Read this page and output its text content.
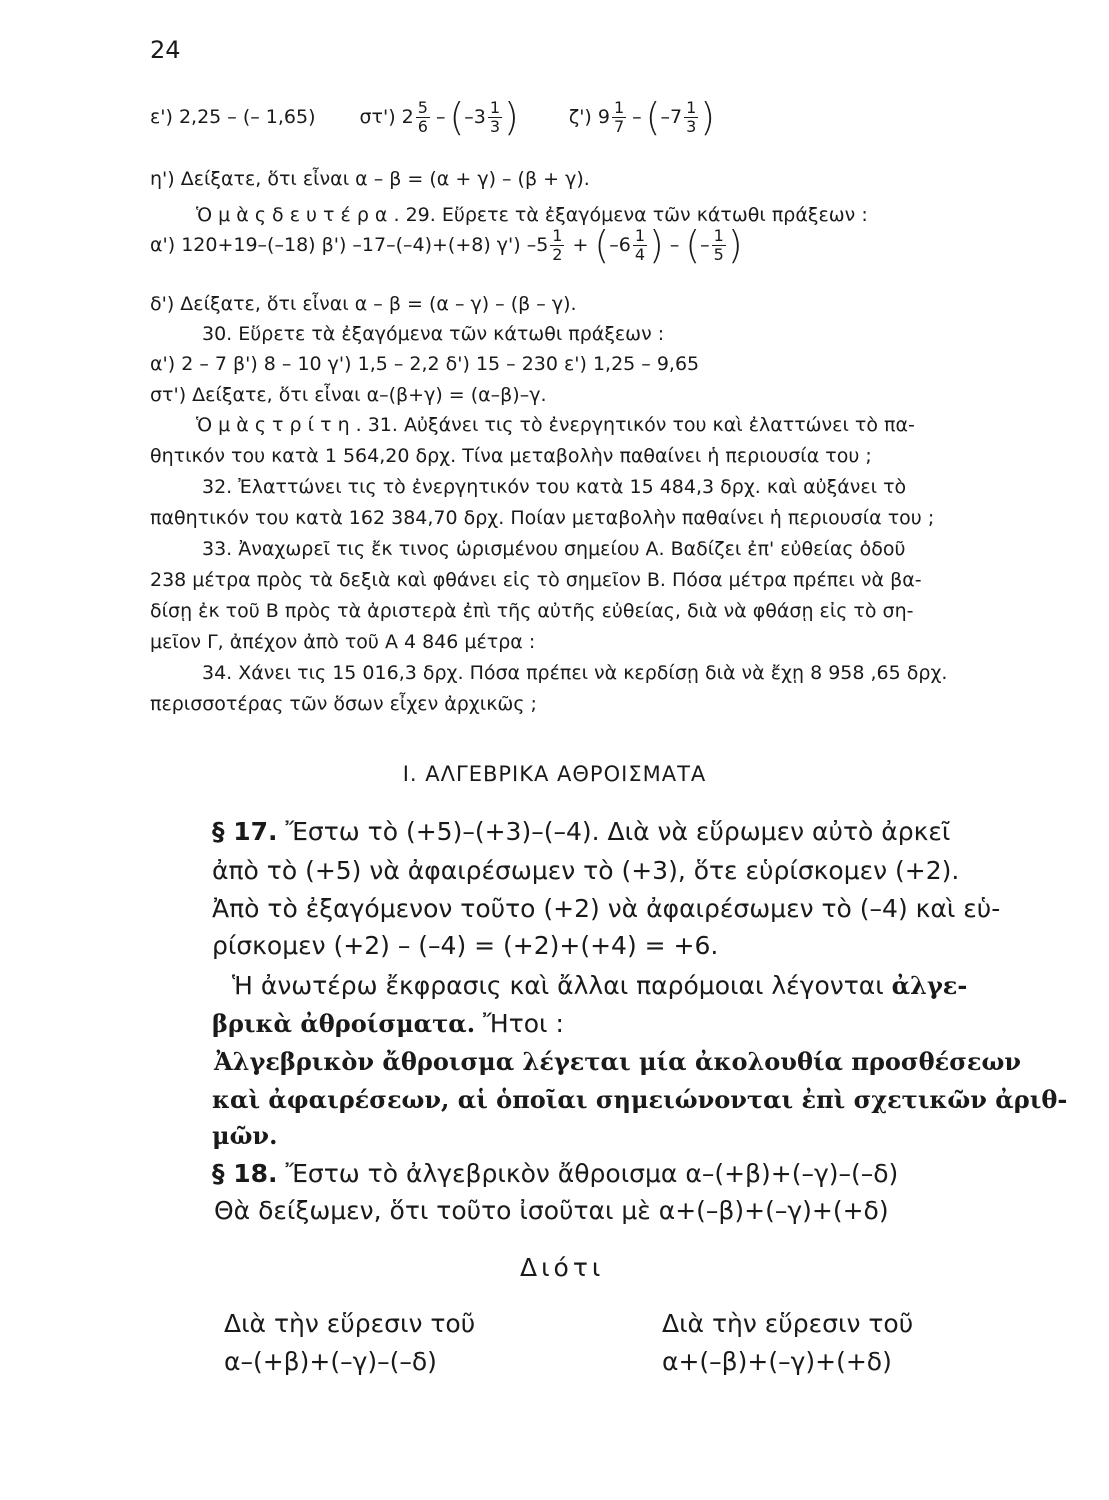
24
ε') 2,25 – (– 1,65) στ') $2 \frac{5}{6}$ – ( $-3 \frac{1}{3}$ )	ζ') $9 \frac{1}{7}$ – ( $-7 \frac{1}{3}$ )
η') Δείξατε, ὅτι εἶναι α – β = (α + γ) – (β + γ).
Ὁ μ ὰ ς δ ε υ τ έ ρ α . 29. Εὕρετε τὰ ἐξαγόμενα τῶν κάτωθι πράξεων :
α') 120+19–(–18) β') –17–(–4)+(+8) γ') $-5 \frac{1}{2}$ + ( $-6 \frac{1}{4}$ ) – ( – $\frac{1}{5}$ )
δ') Δείξατε, ὅτι εἶναι α – β = (α – γ) – (β – γ).
30. Εὕρετε τὰ ἐξαγόμενα τῶν κάτωθι πράξεων :
α') 2 – 7 β') 8 – 10 γ') 1,5 – 2,2 δ') 15 – 230 ε') 1,25 – 9,65
στ') Δείξατε, ὅτι εἶναι α–(β+γ) = (α–β)–γ.
Ὁ μ ὰ ς τ ρ ί τ η . 31. Αὐξάνει τις τὸ ἐνεργητικόν του καὶ ἐλαττώνει τὸ πα-
θητικόν του κατὰ 1 564,20 δρχ. Τίνα μεταβολὴν παθαίνει ἡ περιουσία του ;
32. Ἐλαττώνει τις τὸ ἐνεργητικόν του κατὰ 15 484,3 δρχ. καὶ αὐξάνει τὸ
παθητικόν του κατὰ 162 384,70 δρχ. Ποίαν μεταβολὴν παθαίνει ἡ περιουσία του ;
33. Ἀναχωρεῖ τις ἔκ τινος ὡρισμένου σημείου Α. Βαδίζει ἐπ' εὐθείας ὁδοῦ
238 μέτρα πρὸς τὰ δεξιὰ καὶ φθάνει εἰς τὸ σημεῖον Β. Πόσα μέτρα πρέπει νὰ βα-
δίσῃ ἐκ τοῦ Β πρὸς τὰ ἀριστερὰ ἐπὶ τῆς αὐτῆς εὐθείας, διὰ νὰ φθάσῃ εἰς τὸ ση-
μεῖον Γ, ἀπέχον ἀπὸ τοῦ Α 4 846 μέτρα :
34. Χάνει τις 15 016,3 δρχ. Πόσα πρέπει νὰ κερδίσῃ διὰ νὰ ἔχῃ 8 958 ,65 δρχ.
περισσοτέρας τῶν ὅσων εἶχεν ἀρχικῶς ;
I. ΑΛΓΕΒΡΙΚΑ ΑΘΡΟΙΣΜΑΤΑ
§ 17. Ἔστω τὸ (+5)–(+3)–(–4). Διὰ νὰ εὕρωμεν αὐτὸ ἀρκεῖ
ἀπὸ τὸ (+5) νὰ ἀφαιρέσωμεν τὸ (+3), ὅτε εὑρίσκομεν (+2).
Ἀπὸ τὸ ἐξαγόμενον τοῦτο (+2) νὰ ἀφαιρέσωμεν τὸ (–4) καὶ εὑ-
ρίσκομεν (+2) – (–4) = (+2)+(+4) = +6.
Ἡ ἀνωτέρω ἔκφρασις καὶ ἄλλαι παρόμοιαι λέγονται ἀλγε-
βρικὰ ἀθροίσματα. Ἤτοι :
Ἀλγεβρικὸν ἄθροισμα λέγεται μία ἀκολουθία προσθέσεων
καὶ ἀφαιρέσεων, αἱ ὁποῖαι σημειώνονται ἐπὶ σχετικῶν ἀριθ-
μῶν.
§ 18. Ἔστω τὸ ἀλγεβρικὸν ἄθροισμα α–(+β)+(–γ)–(–δ)
Θὰ δείξωμεν, ὅτι τοῦτο ἰσοῦται μὲ α+(–β)+(–γ)+(+δ)
Διότι
Διὰ τὴν εὕρεσιν τοῦ
α–(+β)+(–γ)–(–δ)
Διὰ τὴν εὕρεσιν τοῦ
α+(–β)+(–γ)+(+δ)
